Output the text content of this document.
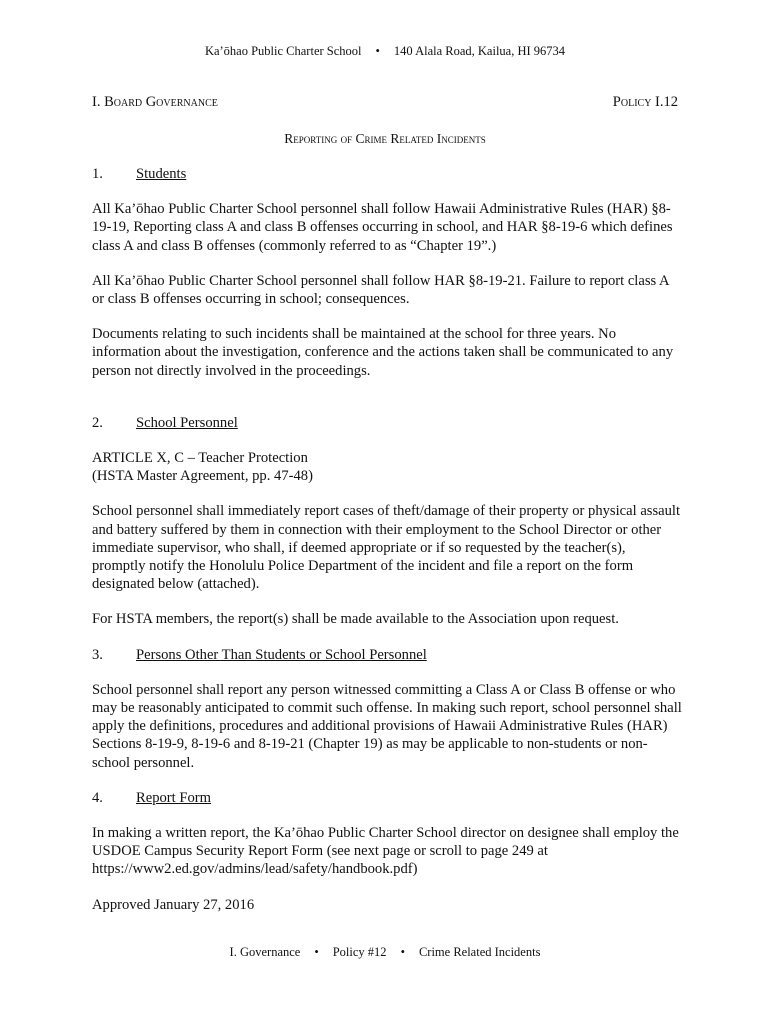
Ka’ōhao Public Charter School • 140 Alala Road, Kailua, HI 96734
I. Board Governance	Policy I.12
Reporting of Crime Related Incidents
1.	Students

All Ka’ōhao Public Charter School personnel shall follow Hawaii Administrative Rules (HAR) §8-19-19, Reporting class A and class B offenses occurring in school, and HAR §8-19-6 which defines class A and class B offenses (commonly referred to as “Chapter 19”.)

All Ka’ōhao Public Charter School personnel shall follow HAR §8-19-21. Failure to report class A or class B offenses occurring in school; consequences.

Documents relating to such incidents shall be maintained at the school for three years. No information about the investigation, conference and the actions taken shall be communicated to any person not directly involved in the proceedings.

2.	School Personnel

ARTICLE X, C – Teacher Protection

(HSTA Master Agreement, pp. 47-48)

School personnel shall immediately report cases of theft/damage of their property or physical assault and battery suffered by them in connection with their employment to the School Director or other immediate supervisor, who shall, if deemed appropriate or if so requested by the teacher(s), promptly notify the Honolulu Police Department of the incident and file a report on the form designated below (attached).

For HSTA members, the report(s) shall be made available to the Association upon request.

3.	Persons Other Than Students or School Personnel

School personnel shall report any person witnessed committing a Class A or Class B offense or who may be reasonably anticipated to commit such offense. In making such report, school personnel shall apply the definitions, procedures and additional provisions of Hawaii Administrative Rules (HAR) Sections 8-19-9, 8-19-6 and 8-19-21 (Chapter 19) as may be applicable to non-students or non- school personnel.

4.	Report Form

In making a written report, the Ka’ōhao Public Charter School director on designee shall employ the USDOE Campus Security Report Form (see next page or scroll to page 249 at https://www2.ed.gov/admins/lead/safety/handbook.pdf)

Approved January 27, 2016

I. Governance • Policy #12 • Crime Related Incidents
